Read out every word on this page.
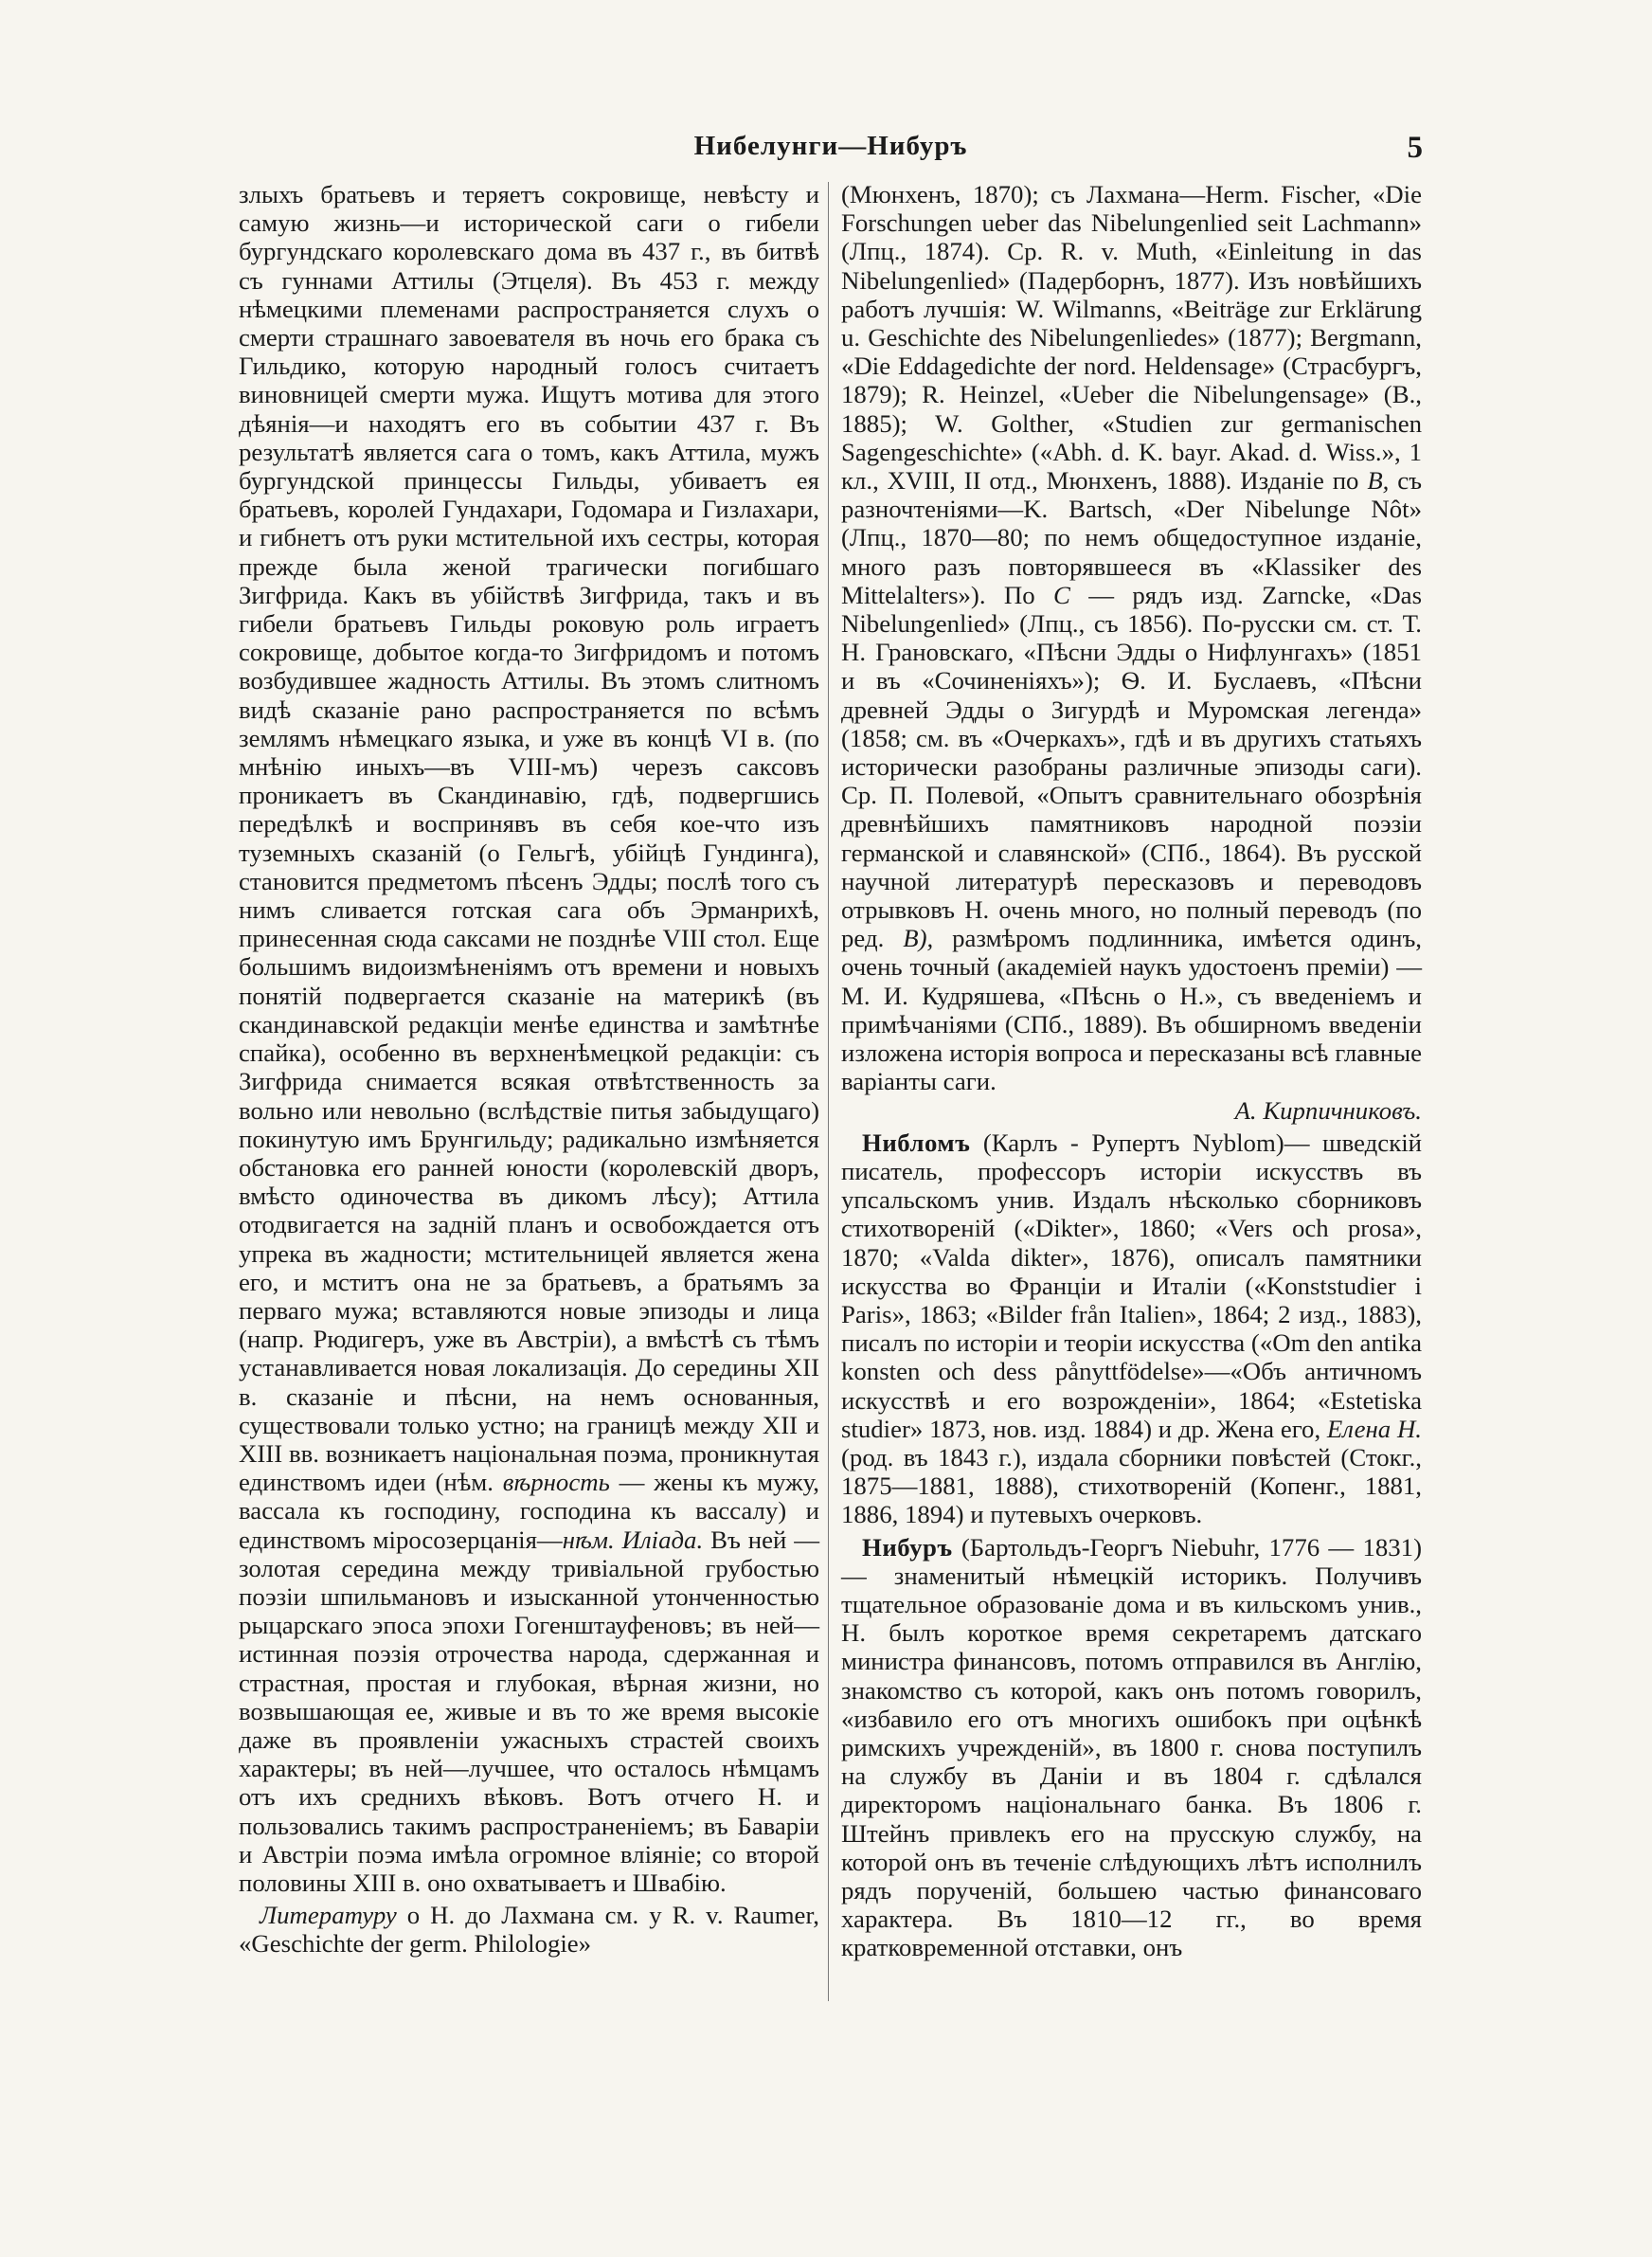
Нибелунги—Нибуръ	5

злыхъ братьевъ и теряетъ сокровище, невѣсту и самую жизнь—и исторической саги о гибели бургундскаго королевскаго дома въ 437 г., въ битвѣ съ гуннами Аттилы (Этцеля). Въ 453 г. между нѣмецкими племенами распространяется слухъ о смерти страшнаго завоевателя въ ночь его брака съ Гильдико, которую народный голосъ считаетъ виновницей смерти мужа. Ищутъ мотива для этого дѣянія—и находятъ его въ событии 437 г. Въ результатѣ является сага о томъ, какъ Аттила, мужъ бургундской принцессы Гильды, убиваетъ ея братьевъ, королей Гундахари, Годомара и Гизлахари, и гибнетъ отъ руки мстительной ихъ сестры, которая прежде была женой трагически погибшаго Зигфрида. Какъ въ убійствѣ Зигфрида, такъ и въ гибели братьевъ Гильды роковую роль играетъ сокровище, добытое когда-то Зигфридомъ и потомъ возбудившее жадность Аттилы. Въ этомъ слитномъ видѣ сказаніе рано распространяется по всѣмъ землямъ нѣмецкаго языка, и уже въ концѣ VI в. (по мнѣнію иныхъ—въ VIII-мъ) черезъ саксовъ проникаетъ въ Скандинавію, гдѣ, подвергшись передѣлкѣ и воспринявъ въ себя кое-что изъ туземныхъ сказаній (о Гельгѣ, убійцѣ Гундинга), становится предметомъ пѣсенъ Эдды; послѣ того съ нимъ сливается готская сага объ Эрманрихѣ, принесенная сюда саксами не позднѣе VIII стол. Еще большимъ видоизмѣненіямъ отъ времени и новыхъ понятій подвергается сказаніе на материкѣ (въ скандинавской редакціи менѣе единства и замѣтнѣе спайка), особенно въ верхненѣмецкой редакціи: съ Зигфрида снимается всякая отвѣтственность за вольно или невольно (вслѣдствіе питья забыдущаго) покинутую имъ Брунгильду; радикально измѣняется обстановка его ранней юности (королевскій дворъ, вмѣсто одиночества въ дикомъ лѣсу); Аттила отодвигается на задній планъ и освобождается отъ упрека въ жадности; мстительницей является жена его, и мститъ она не за братьевъ, а братьямъ за перваго мужа; вставляются новые эпизоды и лица (напр. Рюдигеръ, уже въ Австріи), а вмѣстѣ съ тѣмъ устанавливается новая локализація. До середины XII в. сказаніе и пѣсни, на немъ основанныя, существовали только устно; на границѣ между XII и XIII вв. возникаетъ національная поэма, проникнутая единствомъ идеи (нѣм. вѣрность — жены къ мужу, вассала къ господину, господина къ вассалу) и единствомъ міросозерцанія—нѣм. Иліада. Въ ней —золотая середина между тривіальной грубостью поэзіи шпильмановъ и изысканной утонченностью рыцарскаго эпоса эпохи Гогенштауфеновъ; въ ней—истинная поэзія отрочества народа, сдержанная и страстная, простая и глубокая, вѣрная жизни, но возвышающая ее, живые и въ то же время высокіе даже въ проявленіи ужасныхъ страстей своихъ характеры; въ ней—лучшее, что осталось нѣмцамъ отъ ихъ среднихъ вѣковъ. Вотъ отчего Н. и пользовались такимъ распространеніемъ; въ Баваріи и Австріи поэма имѣла огромное вліяніе; со второй половины XIII в. оно охватываетъ и Швабію.

Литературу о Н. до Лахмана см. у R. v. Raumer, «Geschichte der germ. Philologie»

(Мюнхенъ, 1870); съ Лахмана—Herm. Fischer, «Die Forschungen ueber das Nibelungenlied seit Lachmann» (Лпц., 1874). Ср. R. v. Muth, «Einleitung in das Nibelungenlied» (Падерборнъ, 1877). Изъ новѣйшихъ работъ лучшія: W. Wilmanns, «Beiträge zur Erklärung u. Geschichte des Nibelungenliedes» (1877); Bergmann, «Die Eddagedichte der nord. Heldensage» (Страсбургъ, 1879); R. Heinzel, «Ueber die Nibelungensage» (B., 1885); W. Golther, «Studien zur germanischen Sagengeschichte» («Abh. d. K. bayr. Akad. d. Wiss.», 1 кл., XVIII, II отд., Мюнхенъ, 1888). Изданіе по B, съ разночтеніями—K. Bartsch, «Der Nibelunge Nôt» (Лпц., 1870—80; по немъ общедоступное изданіе, много разъ повторявшееся въ «Klassiker des Mittelalters»). По C — рядъ изд. Zarncke, «Das Nibelungenlied» (Лпц., съ 1856). По-русски см. ст. Т. Н. Грановскаго, «Пѣсни Эдды о Нифлунгахъ» (1851 и въ «Сочиненіяхъ»); Ѳ. И. Буслаевъ, «Пѣсни древней Эдды о Зигурдѣ и Муромская легенда» (1858; см. въ «Очеркахъ», гдѣ и въ другихъ статьяхъ исторически разобраны различные эпизоды саги). Ср. П. Полевой, «Опытъ сравнительнаго обозрѣнія древнѣйшихъ памятниковъ народной поэзіи германской и славянской» (СПб., 1864). Въ русской научной литературѣ пересказовъ и переводовъ отрывковъ Н. очень много, но полный переводъ (по ред. B), размѣромъ подлинника, имѣется одинъ, очень точный (академіей наукъ удостоенъ преміи) — М. И. Кудряшева, «Пѣснь о Н.», съ введеніемъ и примѣчаніями (СПб., 1889). Въ обширномъ введеніи изложена исторія вопроса и пересказаны всѣ главные варіанты саги.

А. Кирпичниковъ.

Нибломъ (Карлъ - Рупертъ Nyblom)— шведскій писатель, профессоръ исторіи искусствъ въ упсальскомъ унив. Издалъ нѣсколько сборниковъ стихотвореній («Dikter», 1860; «Vers och prosa», 1870; «Valda dikter», 1876), описалъ памятники искусства во Франціи и Италіи («Konststudier i Paris», 1863; «Bilder från Italien», 1864; 2 изд., 1883), писалъ по исторіи и теоріи искусства («Om den antika konsten och dess pånyttfödelse»—«Объ античномъ искусствѣ и его возрожденіи», 1864; «Estetiska studier» 1873, нов. изд. 1884) и др. Жена его, Елена Н. (род. въ 1843 г.), издала сборники повѣстей (Стокг., 1875—1881, 1888), стихотвореній (Копенг., 1881, 1886, 1894) и путевыхъ очерковъ.

Нибуръ (Бартольдъ-Георгъ Niebuhr, 1776 — 1831) — знаменитый нѣмецкій историкъ. Получивъ тщательное образованіе дома и въ кильскомъ унив., Н. былъ короткое время секретаремъ датскаго министра финансовъ, потомъ отправился въ Англію, знакомство съ которой, какъ онъ потомъ говорилъ, «избавило его отъ многихъ ошибокъ при оцѣнкѣ римскихъ учрежденій», въ 1800 г. снова поступилъ на службу въ Даніи и въ 1804 г. сдѣлался директоромъ національнаго банка. Въ 1806 г. Штейнъ привлекъ его на прусскую службу, на которой онъ въ теченіе слѣдующихъ лѣтъ исполнилъ рядъ порученій, большею частью финансоваго характера. Въ 1810—12 гг., во время кратковременной отставки, онъ
